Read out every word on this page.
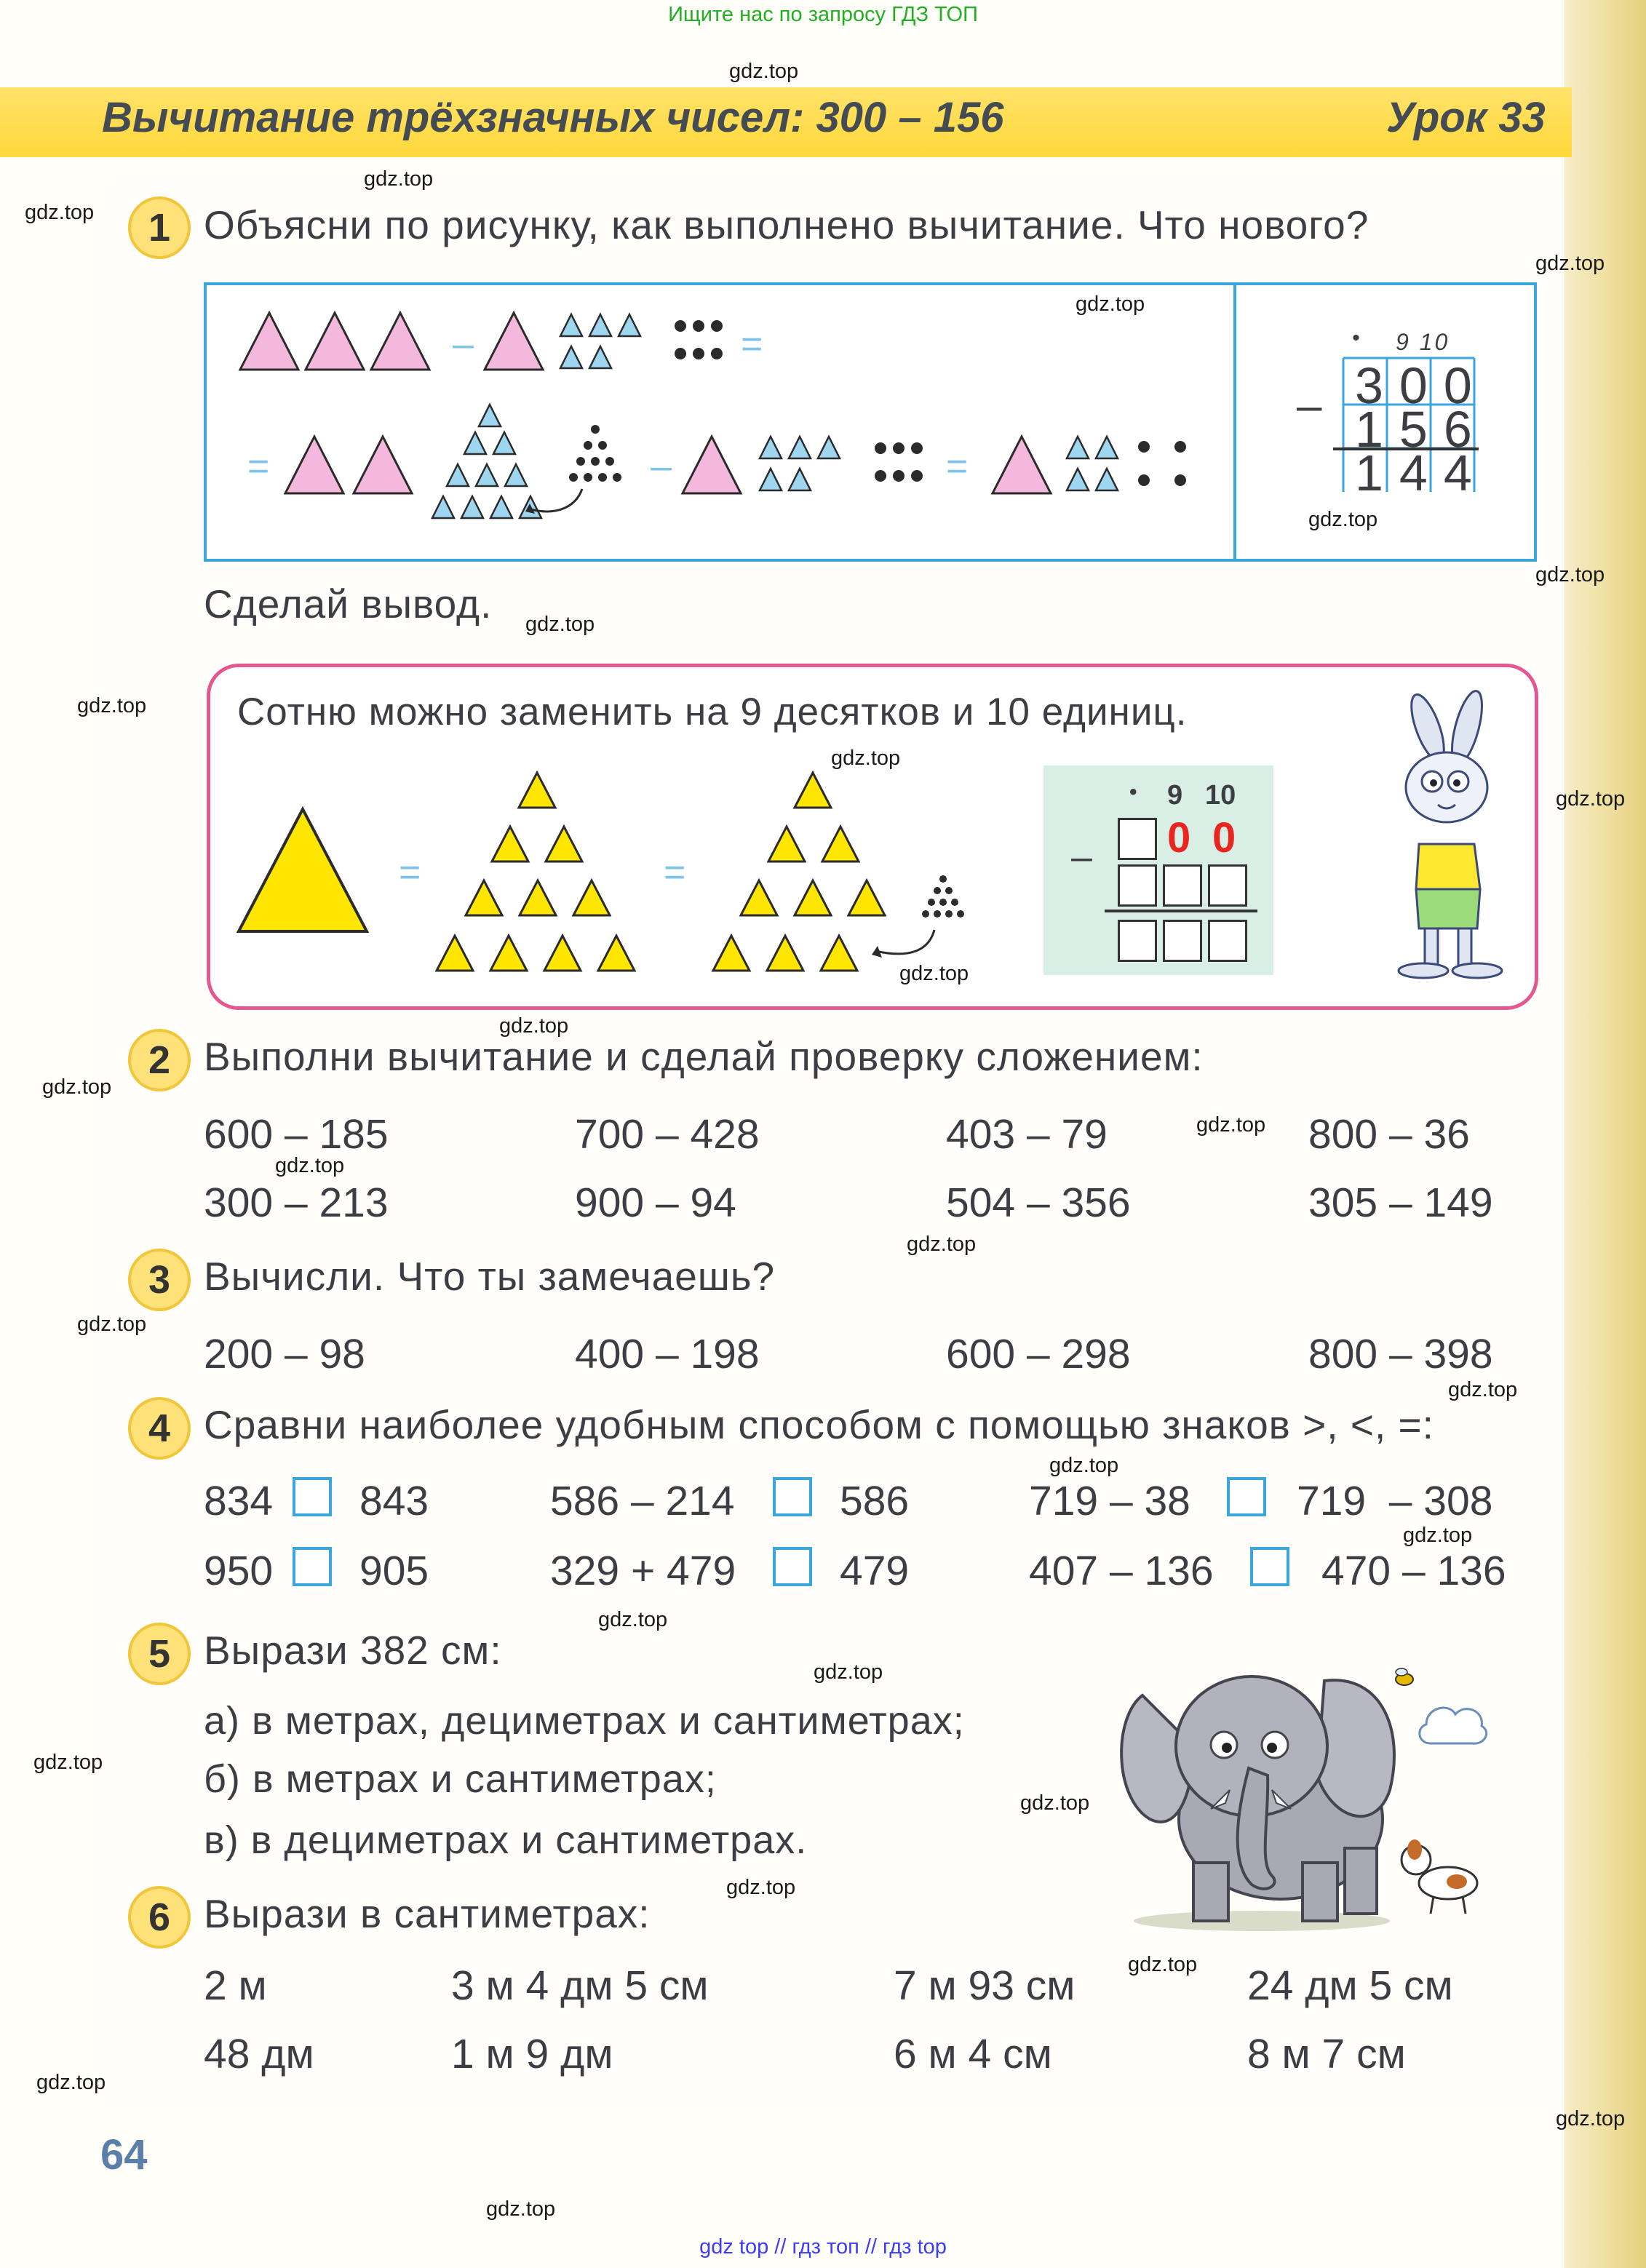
Ищите нас по запросу ГДЗ ТОП
Вычитание трёхзначных чисел: 300 – 156	Урок 33
1 Объясни по рисунку, как выполнено вычитание. Что нового?
–	=
=	–	=
• 9 10
– 300
156
144
Сделай вывод.
Сотню можно заменить на 9 десятков и 10 единиц.
=	=
• 9 10
0 0
–
2 Выполни вычитание и сделай проверку сложением:
600 – 185	700 – 428	403 – 79	800 – 36
300 – 213	900 – 94	504 – 356	305 – 149
3 Вычисли. Что ты замечаешь?
200 – 98	400 – 198	600 – 298	800 – 398
4 Сравни наиболее удобным способом с помощью знаков >, <, =:
834 843	586 – 214	586	719 – 38	719  – 308
950 905	329 + 479	479	407 – 136	470 – 136
5 Вырази 382 см:
а) в метрах, дециметрах и сантиметрах;
б) в метрах и сантиметрах;
в) в дециметрах и сантиметрах.
6 Вырази в сантиметрах:
2 м	3 м 4 дм 5 см	7 м 93 см	24 дм 5 см
48 дм	1 м 9 дм	6 м 4 см	8 м 7 см
64
gdz.top
gdz.top
gdz.top
gdz.top
gdz.top
gdz.top
gdz.top
gdz.top
gdz.top
gdz.top
gdz.top
gdz.top
gdz.top
gdz.top
gdz.top
gdz.top
gdz.top
gdz.top
gdz.top
gdz.top
gdz.top
gdz.top
gdz.top
gdz.top
gdz.top
gdz.top
gdz.top
gdz.top
gdz.top
gdz.top
gdz top // гдз топ // гдз top
